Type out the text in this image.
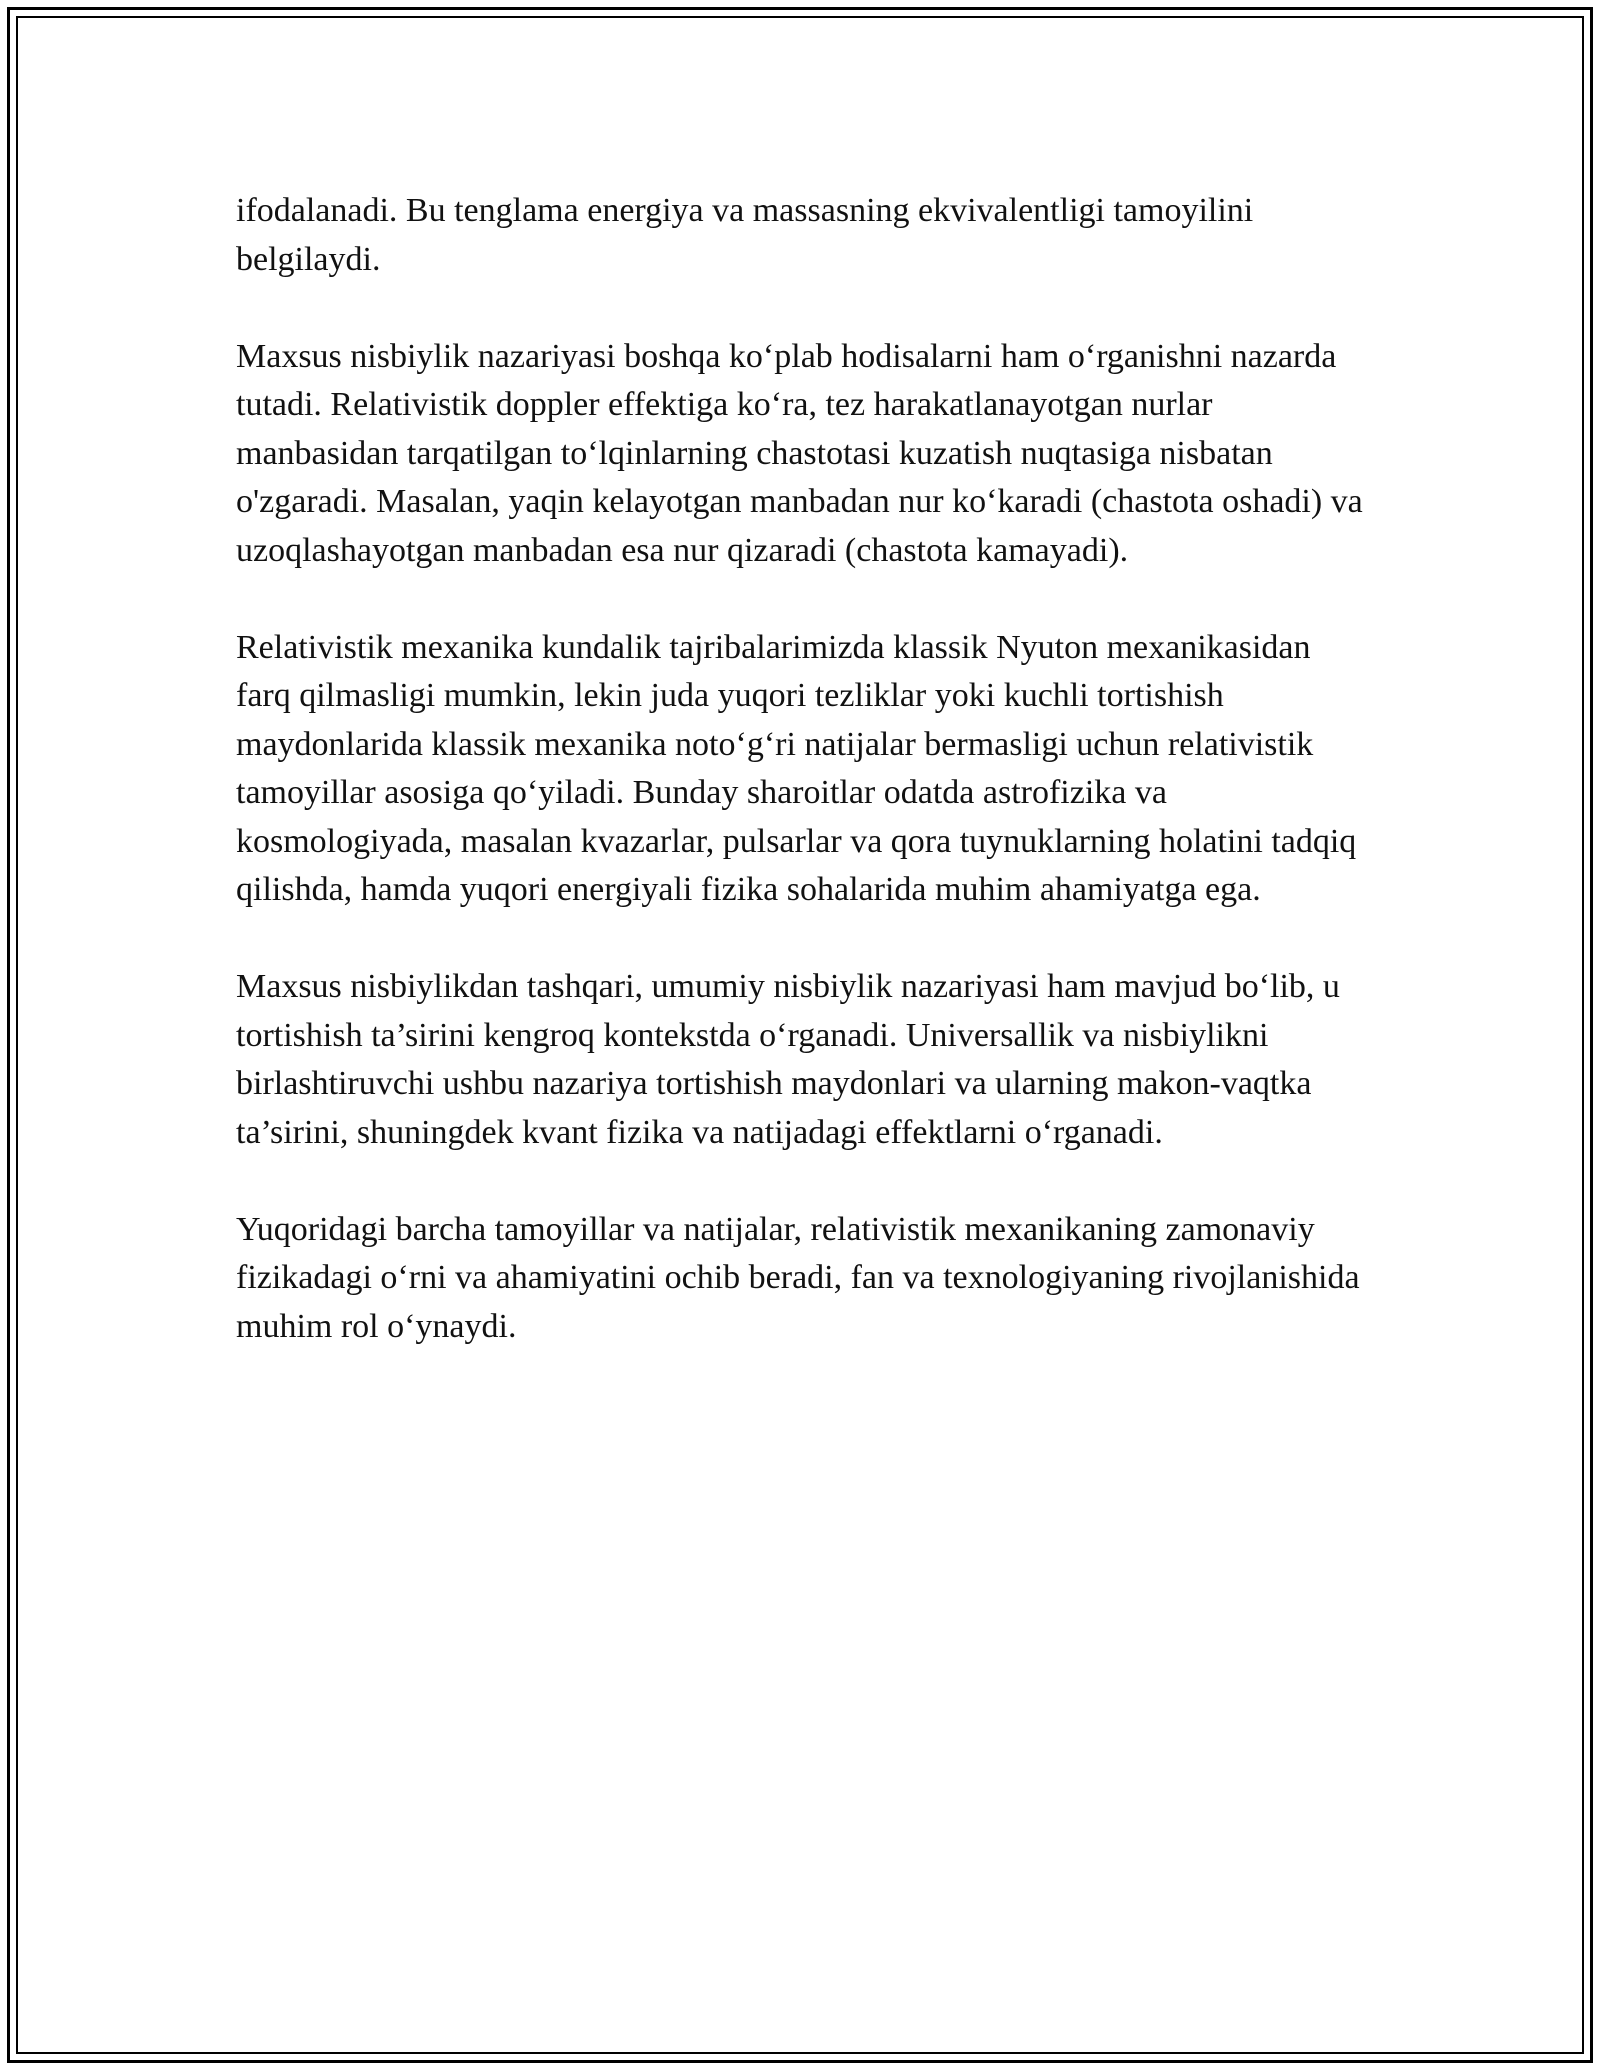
ifodalanadi. Bu tenglama energiya va massasning ekvivalentligi tamoyilini belgilaydi.

Maxsus nisbiylik nazariyasi boshqa ko‘plab hodisalarni ham o‘rganishni nazarda tutadi. Relativistik doppler effektiga ko‘ra, tez harakatlanayotgan nurlar manbasidan tarqatilgan to‘lqinlarning chastotasi kuzatish nuqtasiga nisbatan o'zgaradi. Masalan, yaqin kelayotgan manbadan nur ko‘karadi (chastota oshadi) va uzoqlashayotgan manbadan esa nur qizaradi (chastota kamayadi).

Relativistik mexanika kundalik tajribalarimizda klassik Nyuton mexanikasidan farq qilmasligi mumkin, lekin juda yuqori tezliklar yoki kuchli tortishish maydonlarida klassik mexanika noto‘g‘ri natijalar bermasligi uchun relativistik tamoyillar asosiga qo‘yiladi. Bunday sharoitlar odatda astrofizika va kosmologiyada, masalan kvazarlar, pulsarlar va qora tuynuklarning holatini tadqiq qilishda, hamda yuqori energiyali fizika sohalarida muhim ahamiyatga ega.

Maxsus nisbiylikdan tashqari, umumiy nisbiylik nazariyasi ham mavjud bo‘lib, u tortishish ta’sirini kengroq kontekstda o‘rganadi. Universallik va nisbiylikni birlashtiruvchi ushbu nazariya tortishish maydonlari va ularning makon-vaqtka ta’sirini, shuningdek kvant fizika va natijadagi effektlarni o‘rganadi.

Yuqoridagi barcha tamoyillar va natijalar, relativistik mexanikaning zamonaviy fizikadagi o‘rni va ahamiyatini ochib beradi, fan va texnologiyaning rivojlanishida muhim rol o‘ynaydi.
